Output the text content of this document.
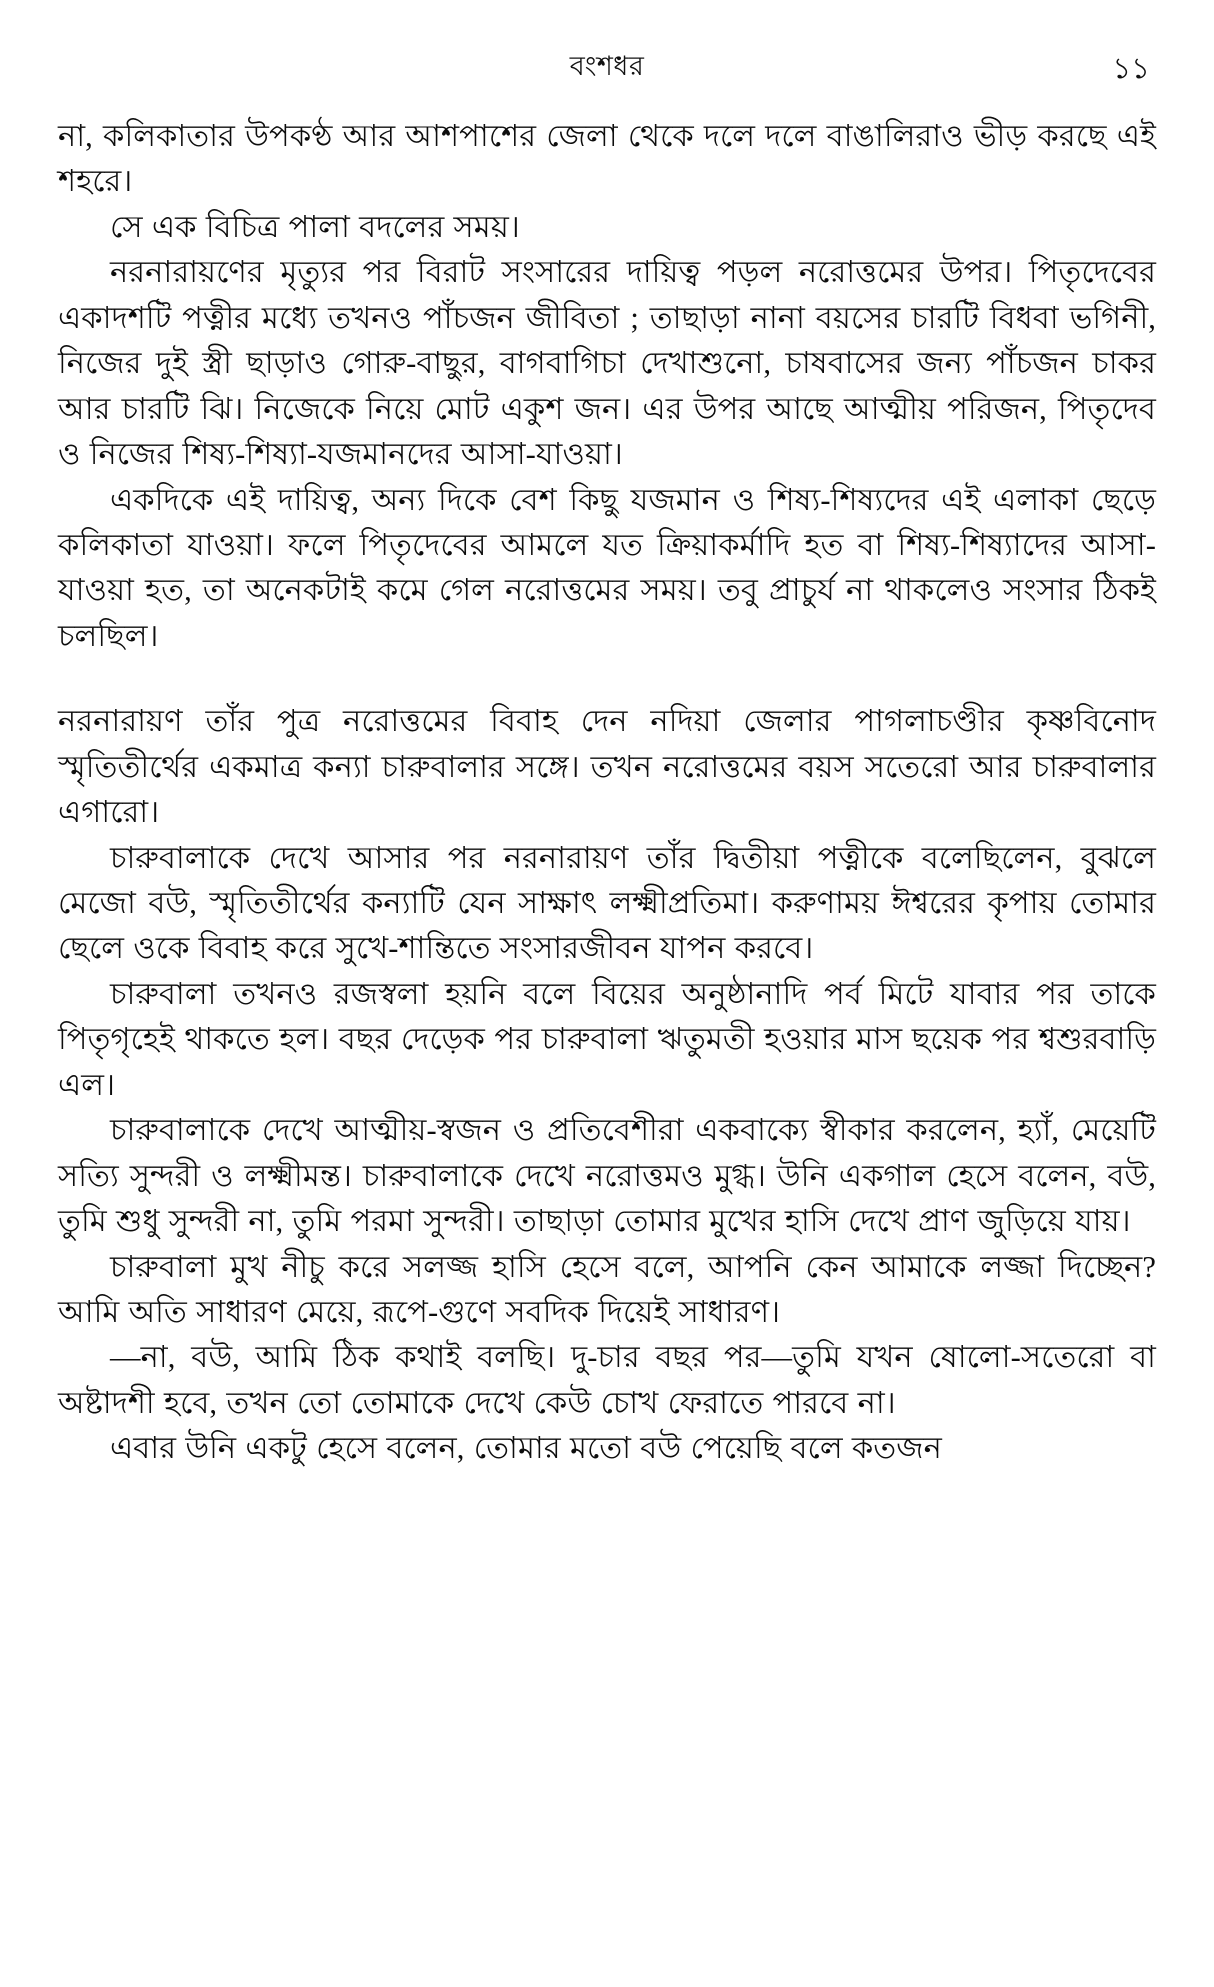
বংশধর	১১

না, কলিকাতার উপকণ্ঠ আর আশপাশের জেলা থেকে দলে দলে বাঙালিরাও ভীড় করছে এই শহরে।

সে এক বিচিত্র পালা বদলের সময়।

নরনারায়ণের মৃত্যুর পর বিরাট সংসারের দায়িত্ব পড়ল নরোত্তমের উপর। পিতৃদেবের একাদশটি পত্নীর মধ্যে তখনও পাঁচজন জীবিতা ; তাছাড়া নানা বয়সের চারটি বিধবা ভগিনী, নিজের দুই স্ত্রী ছাড়াও গোরু-বাছুর, বাগবাগিচা দেখাশুনো, চাষবাসের জন্য পাঁচজন চাকর আর চারটি ঝি। নিজেকে নিয়ে মোট একুশ জন। এর উপর আছে আত্মীয় পরিজন, পিতৃদেব ও নিজের শিষ্য-শিষ্যা-যজমানদের আসা-যাওয়া।

একদিকে এই দায়িত্ব, অন্য দিকে বেশ কিছু যজমান ও শিষ্য-শিষ্যদের এই এলাকা ছেড়ে কলিকাতা যাওয়া। ফলে পিতৃদেবের আমলে যত ক্রিয়াকর্মাদি হত বা শিষ্য-শিষ্যাদের আসা-যাওয়া হত, তা অনেকটাই কমে গেল নরোত্তমের সময়। তবু প্রাচুর্য না থাকলেও সংসার ঠিকই চলছিল।

নরনারায়ণ তাঁর পুত্র নরোত্তমের বিবাহ দেন নদিয়া জেলার পাগলাচণ্ডীর কৃষ্ণবিনোদ স্মৃতিতীর্থের একমাত্র কন্যা চারুবালার সঙ্গে। তখন নরোত্তমের বয়স সতেরো আর চারুবালার এগারো।

চারুবালাকে দেখে আসার পর নরনারায়ণ তাঁর দ্বিতীয়া পত্নীকে বলেছিলেন, বুঝলে মেজো বউ, স্মৃতিতীর্থের কন্যাটি যেন সাক্ষাৎ লক্ষ্মীপ্রতিমা। করুণাময় ঈশ্বরের কৃপায় তোমার ছেলে ওকে বিবাহ করে সুখে-শান্তিতে সংসারজীবন যাপন করবে।

চারুবালা তখনও রজস্বলা হয়নি বলে বিয়ের অনুষ্ঠানাদি পর্ব মিটে যাবার পর তাকে পিতৃগৃহেই থাকতে হল। বছর দেড়েক পর চারুবালা ঋতুমতী হওয়ার মাস ছয়েক পর শ্বশুরবাড়ি এল।

চারুবালাকে দেখে আত্মীয়-স্বজন ও প্রতিবেশীরা একবাক্যে স্বীকার করলেন, হ্যাঁ, মেয়েটি সত্যি সুন্দরী ও লক্ষ্মীমন্ত। চারুবালাকে দেখে নরোত্তমও মুগ্ধ। উনি একগাল হেসে বলেন, বউ, তুমি শুধু সুন্দরী না, তুমি পরমা সুন্দরী। তাছাড়া তোমার মুখের হাসি দেখে প্রাণ জুড়িয়ে যায়।

চারুবালা মুখ নীচু করে সলজ্জ হাসি হেসে বলে, আপনি কেন আমাকে লজ্জা দিচ্ছেন? আমি অতি সাধারণ মেয়ে, রূপে-গুণে সবদিক দিয়েই সাধারণ।

—না, বউ, আমি ঠিক কথাই বলছি। দু-চার বছর পর—তুমি যখন ষোলো-সতেরো বা অষ্টাদশী হবে, তখন তো তোমাকে দেখে কেউ চোখ ফেরাতে পারবে না।

এবার উনি একটু হেসে বলেন, তোমার মতো বউ পেয়েছি বলে কতজন
